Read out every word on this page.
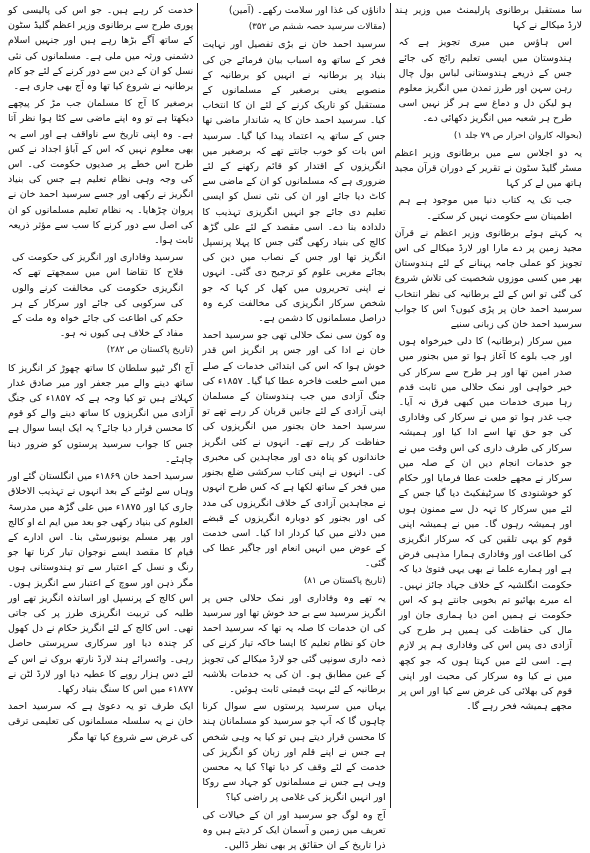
سا مستقبل برطانوی پارلیمنٹ میں وزیر ہند لارڈ میکالے نے کہا

اس ہاؤس میں میری تجویز ہے کہ ہندوستان میں ایسی تعلیم رائج کی جائے جس کے ذریعے ہندوستانی لباس بول چال رہن سہن اور طرز تمدن میں انگریز معلوم ہو لیکن دل و دماغ سے ہر گز نہیں اسی طرح ہر شعبہ میں انگریز دکھائی دے۔

(بحوالہ کاروان احرار ص ۷۹ جلد ۱)

یہ دو اجلاس سے میں برطانوی وزیر اعظم مسٹر گلیڈ سٹون نے تقریر کے دوران قرآن مجید ہاتھ میں لے کر کہا

جب تک یہ کتاب دنیا میں موجود ہے ہم اطمینان سے حکومت نہیں کر سکتے۔

یہ کہتے ہوئے برطانوی وزیر اعظم نے قرآن مجید زمین پر دے مارا اور لارڈ میکالے کی اس تجویز کو عملی جامہ پہنانے کے لئے ہندوستان بھر میں کسی موزوں شخصیت کی تلاش شروع کی گئی تو اس کے لئے برطانیہ کی نظر انتخاب سرسید احمد خان پر پڑی کیوں؟ اس کا جواب سرسید احمد خان کی زبانی سنیے

میں سرکار (برطانیہ) کا دلی خیرخواہ ہوں اور جب بلوے کا آغاز ہوا تو میں بجنور میں صدر امین تھا اور ہر طرح سے سرکار کی خیر خواہی اور نمک حلالی میں ثابت قدم رہا میری خدمات میں کبھی فرق نہ آیا۔ جب غدر ہوا تو میں نے سرکار کی وفاداری کی جو حق تھا اسے ادا کیا اور ہمیشہ سرکار کی طرف داری کی اس وقت میں نے جو خدمات انجام دیں ان کے صلہ میں سرکار نے مجھے خلعت عطا فرمایا اور حکام کو خوشنودی کا سرٹیفکیٹ دیا گیا جس کے لئے میں سرکار کا تہہ دل سے ممنون ہوں اور ہمیشہ رہوں گا۔ میں نے ہمیشہ اپنی قوم کو یہی تلقین کی کہ سرکار انگریزی کی اطاعت اور وفاداری ہمارا مذہبی فرض ہے اور ہمارے علما نے بھی یہی فتویٰ دیا کہ حکومت انگلشیہ کے خلاف جہاد جائز نہیں۔ اے میرے بھائیو تم بخوبی جانتے ہو کہ اس حکومت نے ہمیں امن دیا ہماری جان اور مال کی حفاظت کی ہمیں ہر طرح کی آزادی دی پس اس کی وفاداری ہم پر لازم ہے۔ اسی لئے میں کہتا ہوں کہ جو کچھ میں نے کیا وہ سرکار کی محبت اور اپنی قوم کی بھلائی کی غرض سے کیا اور اس پر مجھے ہمیشہ فخر رہے گا۔

داناؤں کی غذا اور سلامت رکھے۔ (آمین)

(مقالات سرسید حصہ ششم ص ۳۵۲)

سرسید احمد خان نے بڑی تفصیل اور نہایت فخر کے ساتھ وہ اسباب بیان فرمائے جن کی بنیاد پر برطانیہ نے انہیں کو برطانیہ کے منصوبے یعنی برصغیر کے مسلمانوں کے مستقبل کو تاریک کرنے کے لئے ان کا انتخاب کیا۔ سرسید احمد خان کا یہ شاندار ماضی تھا جس کے ساتھ یہ اعتماد پیدا کیا گیا۔ سرسید اس بات کو خوب جانتے تھے کہ برصغیر میں انگریزوں کے اقتدار کو قائم رکھنے کے لئے ضروری ہے کہ مسلمانوں کو ان کے ماضی سے کاٹ دیا جائے اور ان کی نئی نسل کو ایسی تعلیم دی جائے جو انہیں انگریزی تہذیب کا دلدادہ بنا دے۔ اسی مقصد کے لئے علی گڑھ کالج کی بنیاد رکھی گئی جس کا پہلا پرنسپل انگریز تھا اور جس کے نصاب میں دین کی بجائے مغربی علوم کو ترجیح دی گئی۔ انہوں نے اپنی تحریروں میں کھل کر کہا کہ جو شخص سرکار انگریزی کی مخالفت کرے وہ دراصل مسلمانوں کا دشمن ہے۔

وہ کون سی نمک حلالی تھی جو سرسید احمد خان نے ادا کی اور جس پر انگریز اس قدر خوش ہوا کہ اس کی ابتدائی خدمات کے صلے میں اسے خلعت فاخرہ عطا کیا گیا۔ ۱۸۵۷ء کی جنگ آزادی میں جب ہندوستان کے مسلمان اپنی آزادی کے لئے جانیں قربان کر رہے تھے تو سرسید احمد خان بجنور میں انگریزوں کی حفاظت کر رہے تھے۔ انہوں نے کئی انگریز خاندانوں کو پناہ دی اور مجاہدین کی مخبری کی۔ انہوں نے اپنی کتاب سرکشی ضلع بجنور میں فخر کے ساتھ لکھا ہے کہ کس طرح انہوں نے مجاہدین آزادی کے خلاف انگریزوں کی مدد کی اور بجنور کو دوبارہ انگریزوں کے قبضے میں دلانے میں کیا کردار ادا کیا۔ اسی خدمت کے عوض میں انہیں انعام اور جاگیر عطا کی گئی۔

(تاریخ پاکستان ص ۸۱)

یہ تھے وہ وفاداری اور نمک حلالی جس پر انگریز سرسید سے بے حد خوش تھا اور سرسید کی ان خدمات کا صلہ یہ تھا کہ سرسید احمد خان کو نظام تعلیم کا ایسا خاکہ تیار کرنے کی ذمہ داری سونپی گئی جو لارڈ میکالے کی تجویز کے عین مطابق ہو۔ ان کی یہ خدمات بلاشبہ برطانیہ کے لئے بہت قیمتی ثابت ہوئیں۔

یہاں میں سرسید پرستوں سے سوال کرنا چاہوں گا کہ آپ جو سرسید کو مسلمانان ہند کا محسن قرار دیتے ہیں تو کیا یہ وہی شخص ہے جس نے اپنے قلم اور زبان کو انگریز کی خدمت کے لئے وقف کر دیا تھا؟ کیا یہ محسن وہی ہے جس نے مسلمانوں کو جہاد سے روکا اور انہیں انگریز کی غلامی پر راضی کیا؟

آج وہ لوگ جو سرسید اور ان کے خیالات کی تعریف میں زمین و آسمان ایک کر دیتے ہیں وہ ذرا تاریخ کے ان حقائق پر بھی نظر ڈالیں۔

خدمت کر رہے ہیں۔ جو اس کی پالیسی کو پوری طرح سے برطانوی وزیر اعظم گلیڈ سٹون کے ساتھ آگے بڑھا رہے ہیں اور جنہیں اسلام دشمنی ورثہ میں ملی ہے۔ مسلمانوں کی نئی نسل کو ان کے دین سے دور کرنے کے لئے جو کام برطانیہ نے شروع کیا تھا وہ آج بھی جاری ہے۔

برصغیر کا آج کا مسلمان جب مڑ کر پیچھے دیکھتا ہے تو وہ اپنے ماضی سے کٹا ہوا نظر آتا ہے۔ وہ اپنی تاریخ سے ناواقف ہے اور اسے یہ بھی معلوم نہیں کہ اس کے آباؤ اجداد نے کس طرح اس خطے پر صدیوں حکومت کی۔ اس کی وجہ وہی نظام تعلیم ہے جس کی بنیاد انگریز نے رکھی اور جسے سرسید احمد خان نے پروان چڑھایا۔ یہ نظام تعلیم مسلمانوں کو ان کی اصل سے دور کرنے کا سب سے مؤثر ذریعہ ثابت ہوا۔

سرسید وفاداری اور انگریز کی حکومت کی فلاح کا تقاضا اس میں سمجھتے تھے کہ انگریزی حکومت کی مخالفت کرنے والوں کی سرکوبی کی جائے اور سرکار کے ہر حکم کی اطاعت کی جائے خواہ وہ ملت کے مفاد کے خلاف ہی کیوں نہ ہو۔

(تاریخ پاکستان ص ۲۸۲)

آج اگر ٹیپو سلطان کا ساتھ چھوڑ کر انگریز کا ساتھ دینے والے میر جعفر اور میر صادق غدار کہلاتے ہیں تو کیا وجہ ہے کہ ۱۸۵۷ء کی جنگ آزادی میں انگریزوں کا ساتھ دینے والے کو قوم کا محسن قرار دیا جائے؟ یہ ایک ایسا سوال ہے جس کا جواب سرسید پرستوں کو ضرور دینا چاہئے۔

سرسید احمد خان ۱۸۶۹ء میں انگلستان گئے اور وہاں سے لوٹنے کے بعد انہوں نے تہذیب الاخلاق جاری کیا اور ۱۸۷۵ء میں علی گڑھ میں مدرسۃ العلوم کی بنیاد رکھی جو بعد میں ایم اے او کالج اور پھر مسلم یونیورسٹی بنا۔ اس ادارے کے قیام کا مقصد ایسے نوجوان تیار کرنا تھا جو رنگ و نسل کے اعتبار سے تو ہندوستانی ہوں مگر ذہن اور سوچ کے اعتبار سے انگریز ہوں۔ اس کالج کے پرنسپل اور اساتذہ انگریز تھے اور طلبہ کی تربیت انگریزی طرز پر کی جاتی تھی۔ اس کالج کے لئے انگریز حکام نے دل کھول کر چندہ دیا اور سرکاری سرپرستی حاصل رہی۔ وائسرائے ہند لارڈ نارتھ بروک نے اس کے لئے دس ہزار روپے کا عطیہ دیا اور لارڈ لٹن نے ۱۸۷۷ء میں اس کا سنگ بنیاد رکھا۔

ایک طرف تو یہ دعویٰ ہے کہ سرسید احمد خان نے یہ سلسلہ مسلمانوں کی تعلیمی ترقی کی غرض سے شروع کیا تھا مگر
